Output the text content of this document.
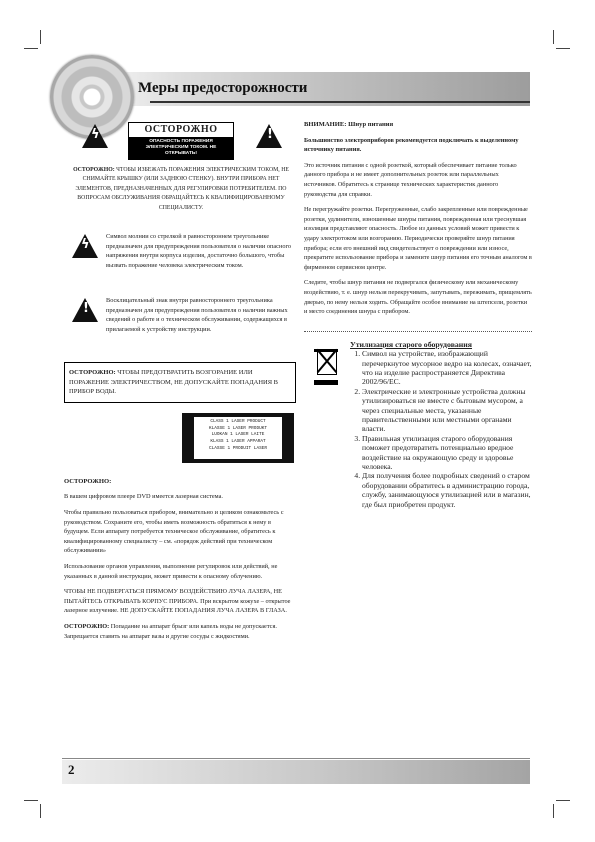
Меры предосторожности
ϟ	ОСТОРОЖНО
ОПАСНОСТЬ ПОРАЖЕНИЯ ЭЛЕКТРИЧЕСКИМ ТОКОМ. НЕ ОТКРЫВАТЬ!
!
ОСТОРОЖНО: ЧТОБЫ ИЗБЕЖАТЬ ПОРАЖЕНИЯ ЭЛЕКТРИЧЕСКИМ ТОКОМ, НЕ СНИМАЙТЕ КРЫШКУ (ИЛИ ЗАДНЮЮ СТЕНКУ). ВНУТРИ ПРИБОРА НЕТ ЭЛЕМЕНТОВ, ПРЕДНАЗНАЧЕННЫХ ДЛЯ РЕГУЛИРОВКИ ПОТРЕБИТЕЛЕМ. ПО ВОПРОСАМ ОБСЛУЖИВАНИЯ ОБРАЩАЙТЕСЬ К КВАЛИФИЦИРОВАННОМУ СПЕЦИАЛИСТУ.
ϟ
Символ молнии со стрелкой в равностороннем треугольнике предназначен для предупреждения пользователя о наличии опасного напряжения внутри корпуса изделия, достаточно большого, чтобы вызвать поражение человека электрическим током.
!
Восклицательный знак внутри равностороннего треугольника предназначен для предупреждения пользователя о наличии важных сведений о работе и о техническом обслуживании, содержащихся в прилагаемой к устройству инструкции.
ОСТОРОЖНО: ЧТОБЫ ПРЕДОТВРАТИТЬ ВОЗГОРАНИЕ ИЛИ ПОРАЖЕНИЕ ЭЛЕКТРИЧЕСТВОМ, НЕ ДОПУСКАЙТЕ ПОПАДАНИЯ В ПРИБОР ВОДЫ.
CLASS 1 LASER PRODUCT
KLASSE 1 LASER PRODUKT
LUOKAN 1 LASER LAITE
KLASS 1 LASER APPARAT
CLASSE 1 PRODUIT LASER

ОСТОРОЖНО:

В вашем цифровом плеере DVD имеется лазерная система.

Чтобы правильно пользоваться прибором, внимательно и целиком ознакомьтесь с руководством. Сохраните его, чтобы иметь возможность обратиться к нему в будущем. Если аппарату потребуется техническое обслуживание, обратитесь к квалифицированному специалисту – см. «порядок действий при техническом обслуживании»

Использование органов управления, выполнение регулировок или действий, не указанных в данной инструкции, может привести к опасному облучению.

ЧТОБЫ НЕ ПОДВЕРГАТЬСЯ ПРЯМОМУ ВОЗДЕЙСТВИЮ ЛУЧА ЛАЗЕРА, НЕ ПЫТАЙТЕСЬ ОТКРЫВАТЬ КОРПУС ПРИБОРА. При вскрытом кожухе – открытое лазерное излучение. НЕ ДОПУСКАЙТЕ ПОПАДАНИЯ ЛУЧА ЛАЗЕРА В ГЛАЗА.

ОСТОРОЖНО: Попадание на аппарат брызг или капель воды не допускается. Запрещается ставить на аппарат вазы и другие сосуды с жидкостями.

ВНИМАНИЕ: Шнур питания

Большинство электроприборов рекомендуется подключать к выделенному источнику питания.

Это источник питания с одной розеткой, который обеспечивает питание только данного прибора и не имеет дополнительных розеток или параллельных источников. Обратитесь к странице технических характеристик данного руководства для справки.

Не перегружайте розетки. Перегруженные, слабо закрепленные или поврежденные розетки, удлинители, изношенные шнуры питания, поврежденная или треснувшая изоляция представляют опасность. Любое из данных условий может привести к удару электротоком или возгоранию. Периодически проверяйте шнур питания прибора; если его внешний вид свидетельствует о повреждении или износе, прекратите использование прибора и замените шнур питания его точным аналогом в фирменном сервисном центре.

Следите, чтобы шнур питания не подвергался физическому или механическому воздействию, т. е. шнур нельзя перекручивать, запутывать, пережимать, прищемлять дверью, по нему нельзя ходить. Обращайте особое внимание на штепсели, розетки и место соединения шнура с прибором.

Утилизация старого оборудования
1. Символ на устройстве, изображающий перечеркнутое мусорное ведро на колесах, означает, что на изделие распространяется Директива 2002/96/EC.
2. Электрические и электронные устройства должны утилизироваться не вместе с бытовым мусором, а через специальные места, указанные правительственными или местными органами власти.
3. Правильная утилизация старого оборудования поможет предотвратить потенциально вредное воздействие на окружающую среду и здоровье человека.
4. Для получения более подробных сведений о старом оборудовании обратитесь в администрацию города, службу, занимающуюся утилизацией или в магазин, где был приобретен продукт.
2
